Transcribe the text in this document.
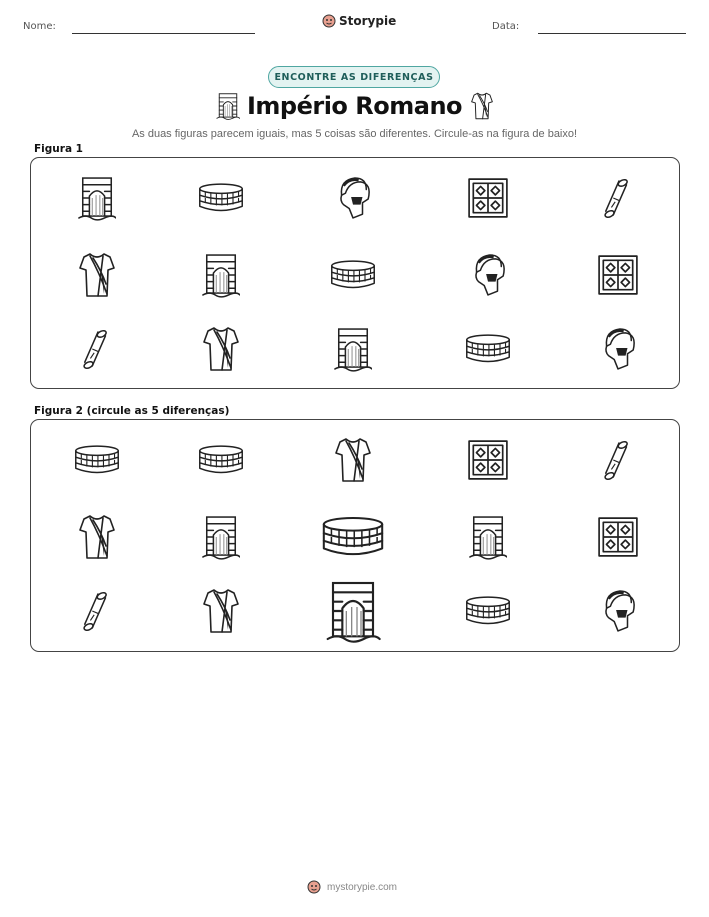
Nome:	Storypie	Data:
ENCONTRE AS DIFERENÇAS
Império Romano
As duas figuras parecem iguais, mas 5 coisas são diferentes. Circule-as na figura de baixo!
Figura 1
Figura 2 (circule as 5 diferenças)
mystorypie.com
